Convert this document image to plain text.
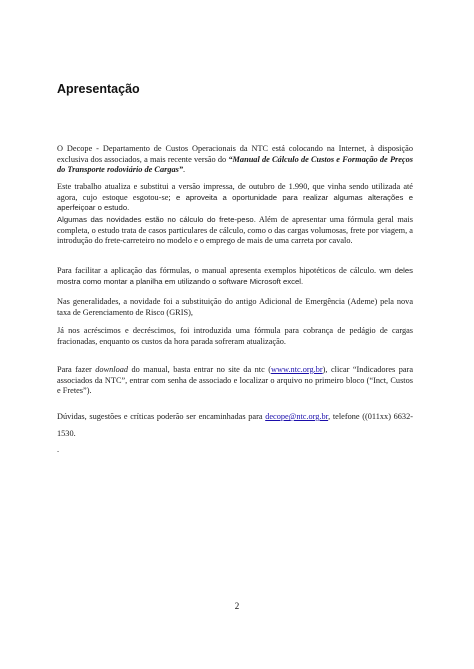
Apresentação

O Decope - Departamento de Custos Operacionais da NTC está colocando na Internet, à disposição exclusiva dos associados, a mais recente versão do “Manual de Cálculo de Custos e Formação de Preços do Transporte rodoviário de Cargas”.

Este trabalho atualiza e substitui a versão impressa, de outubro de 1.990, que vinha sendo utilizada até agora, cujo estoque esgotou-se; e aproveita a oportunidade para realizar algumas alterações e aperfeiçoar o estudo.

Algumas das novidades estão no cálculo do frete-peso. Além de apresentar uma fórmula geral mais completa, o estudo trata de casos particulares de cálculo, como o das cargas volumosas, frete por viagem, a introdução do frete-carreteiro no modelo e o emprego de mais de uma carreta por cavalo.

Para facilitar a aplicação das fórmulas, o manual apresenta exemplos hipotéticos de cálculo. wm deles mostra como montar a planilha em utilizando o software Microsoft excel.

Nas generalidades, a novidade foi a substituição do antigo Adicional de Emergência (Ademe) pela nova taxa de Gerenciamento de Risco (GRIS),

Já nos acréscimos e decréscimos, foi introduzida uma fórmula para cobrança de pedágio de cargas fracionadas, enquanto os custos da hora parada sofreram atualização.

Para fazer download do manual, basta entrar no site da ntc (www.ntc.org.br), clicar “Indicadores para associados da NTC”, entrar com senha de associado e localizar o arquivo no primeiro bloco (“Inct, Custos e Fretes”).

Dúvidas, sugestões e críticas poderão ser encaminhadas para decope@ntc.org.br, telefone ((011xx) 6632-1530.

.

2
